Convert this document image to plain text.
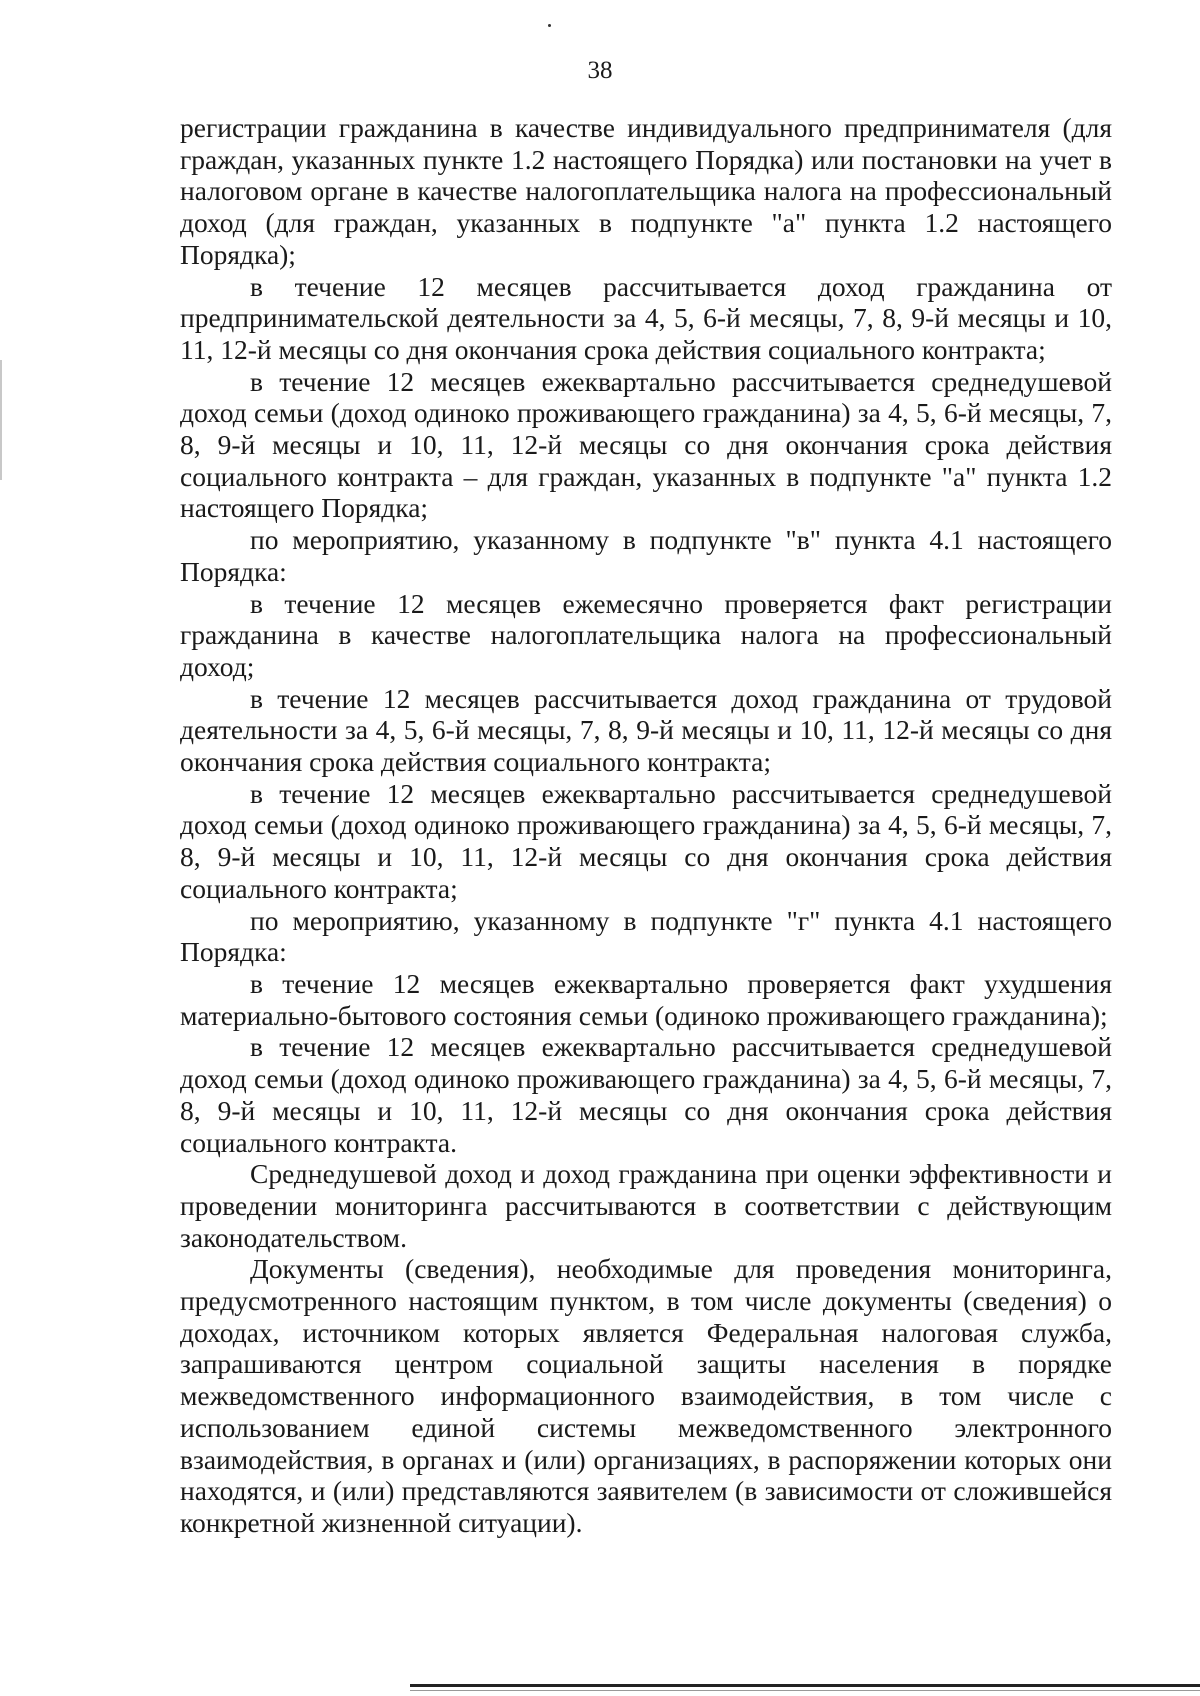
38

регистрации гражданина в качестве индивидуального предпринимателя (для граждан, указанных пункте 1.2 настоящего Порядка) или постановки на учет в налоговом органе в качестве налогоплательщика налога на профессиональный доход (для граждан, указанных в подпункте "а" пункта 1.2 настоящего Порядка);

в течение 12 месяцев рассчитывается доход гражданина от предпринимательской деятельности за 4, 5, 6-й месяцы, 7, 8, 9-й месяцы и 10, 11, 12-й месяцы со дня окончания срока действия социального контракта;

в течение 12 месяцев ежеквартально рассчитывается среднедушевой доход семьи (доход одиноко проживающего гражданина) за 4, 5, 6-й месяцы, 7, 8, 9-й месяцы и 10, 11, 12-й месяцы со дня окончания срока действия социального контракта – для граждан, указанных в подпункте "а" пункта 1.2 настоящего Порядка;

по мероприятию, указанному в подпункте "в" пункта 4.1 настоящего Порядка:

в течение 12 месяцев ежемесячно проверяется факт регистрации гражданина в качестве налогоплательщика налога на профессиональный доход;

в течение 12 месяцев рассчитывается доход гражданина от трудовой деятельности за 4, 5, 6-й месяцы, 7, 8, 9-й месяцы и 10, 11, 12-й месяцы со дня окончания срока действия социального контракта;

в течение 12 месяцев ежеквартально рассчитывается среднедушевой доход семьи (доход одиноко проживающего гражданина) за 4, 5, 6-й месяцы, 7, 8, 9-й месяцы и 10, 11, 12-й месяцы со дня окончания срока действия социального контракта;

по мероприятию, указанному в подпункте "г" пункта 4.1 настоящего Порядка:

в течение 12 месяцев ежеквартально проверяется факт ухудшения материально-бытового состояния семьи (одиноко проживающего гражданина);

в течение 12 месяцев ежеквартально рассчитывается среднедушевой доход семьи (доход одиноко проживающего гражданина) за 4, 5, 6-й месяцы, 7, 8, 9-й месяцы и 10, 11, 12-й месяцы со дня окончания срока действия социального контракта.

Среднедушевой доход и доход гражданина при оценки эффективности и проведении мониторинга рассчитываются в соответствии с действующим законодательством.

Документы (сведения), необходимые для проведения мониторинга, предусмотренного настоящим пунктом, в том числе документы (сведения) о доходах, источником которых является Федеральная налоговая служба, запрашиваются центром социальной защиты населения в порядке межведомственного информационного взаимодействия, в том числе с использованием единой системы межведомственного электронного взаимодействия, в органах и (или) организациях, в распоряжении которых они находятся, и (или) представляются заявителем (в зависимости от сложившейся конкретной жизненной ситуации).
